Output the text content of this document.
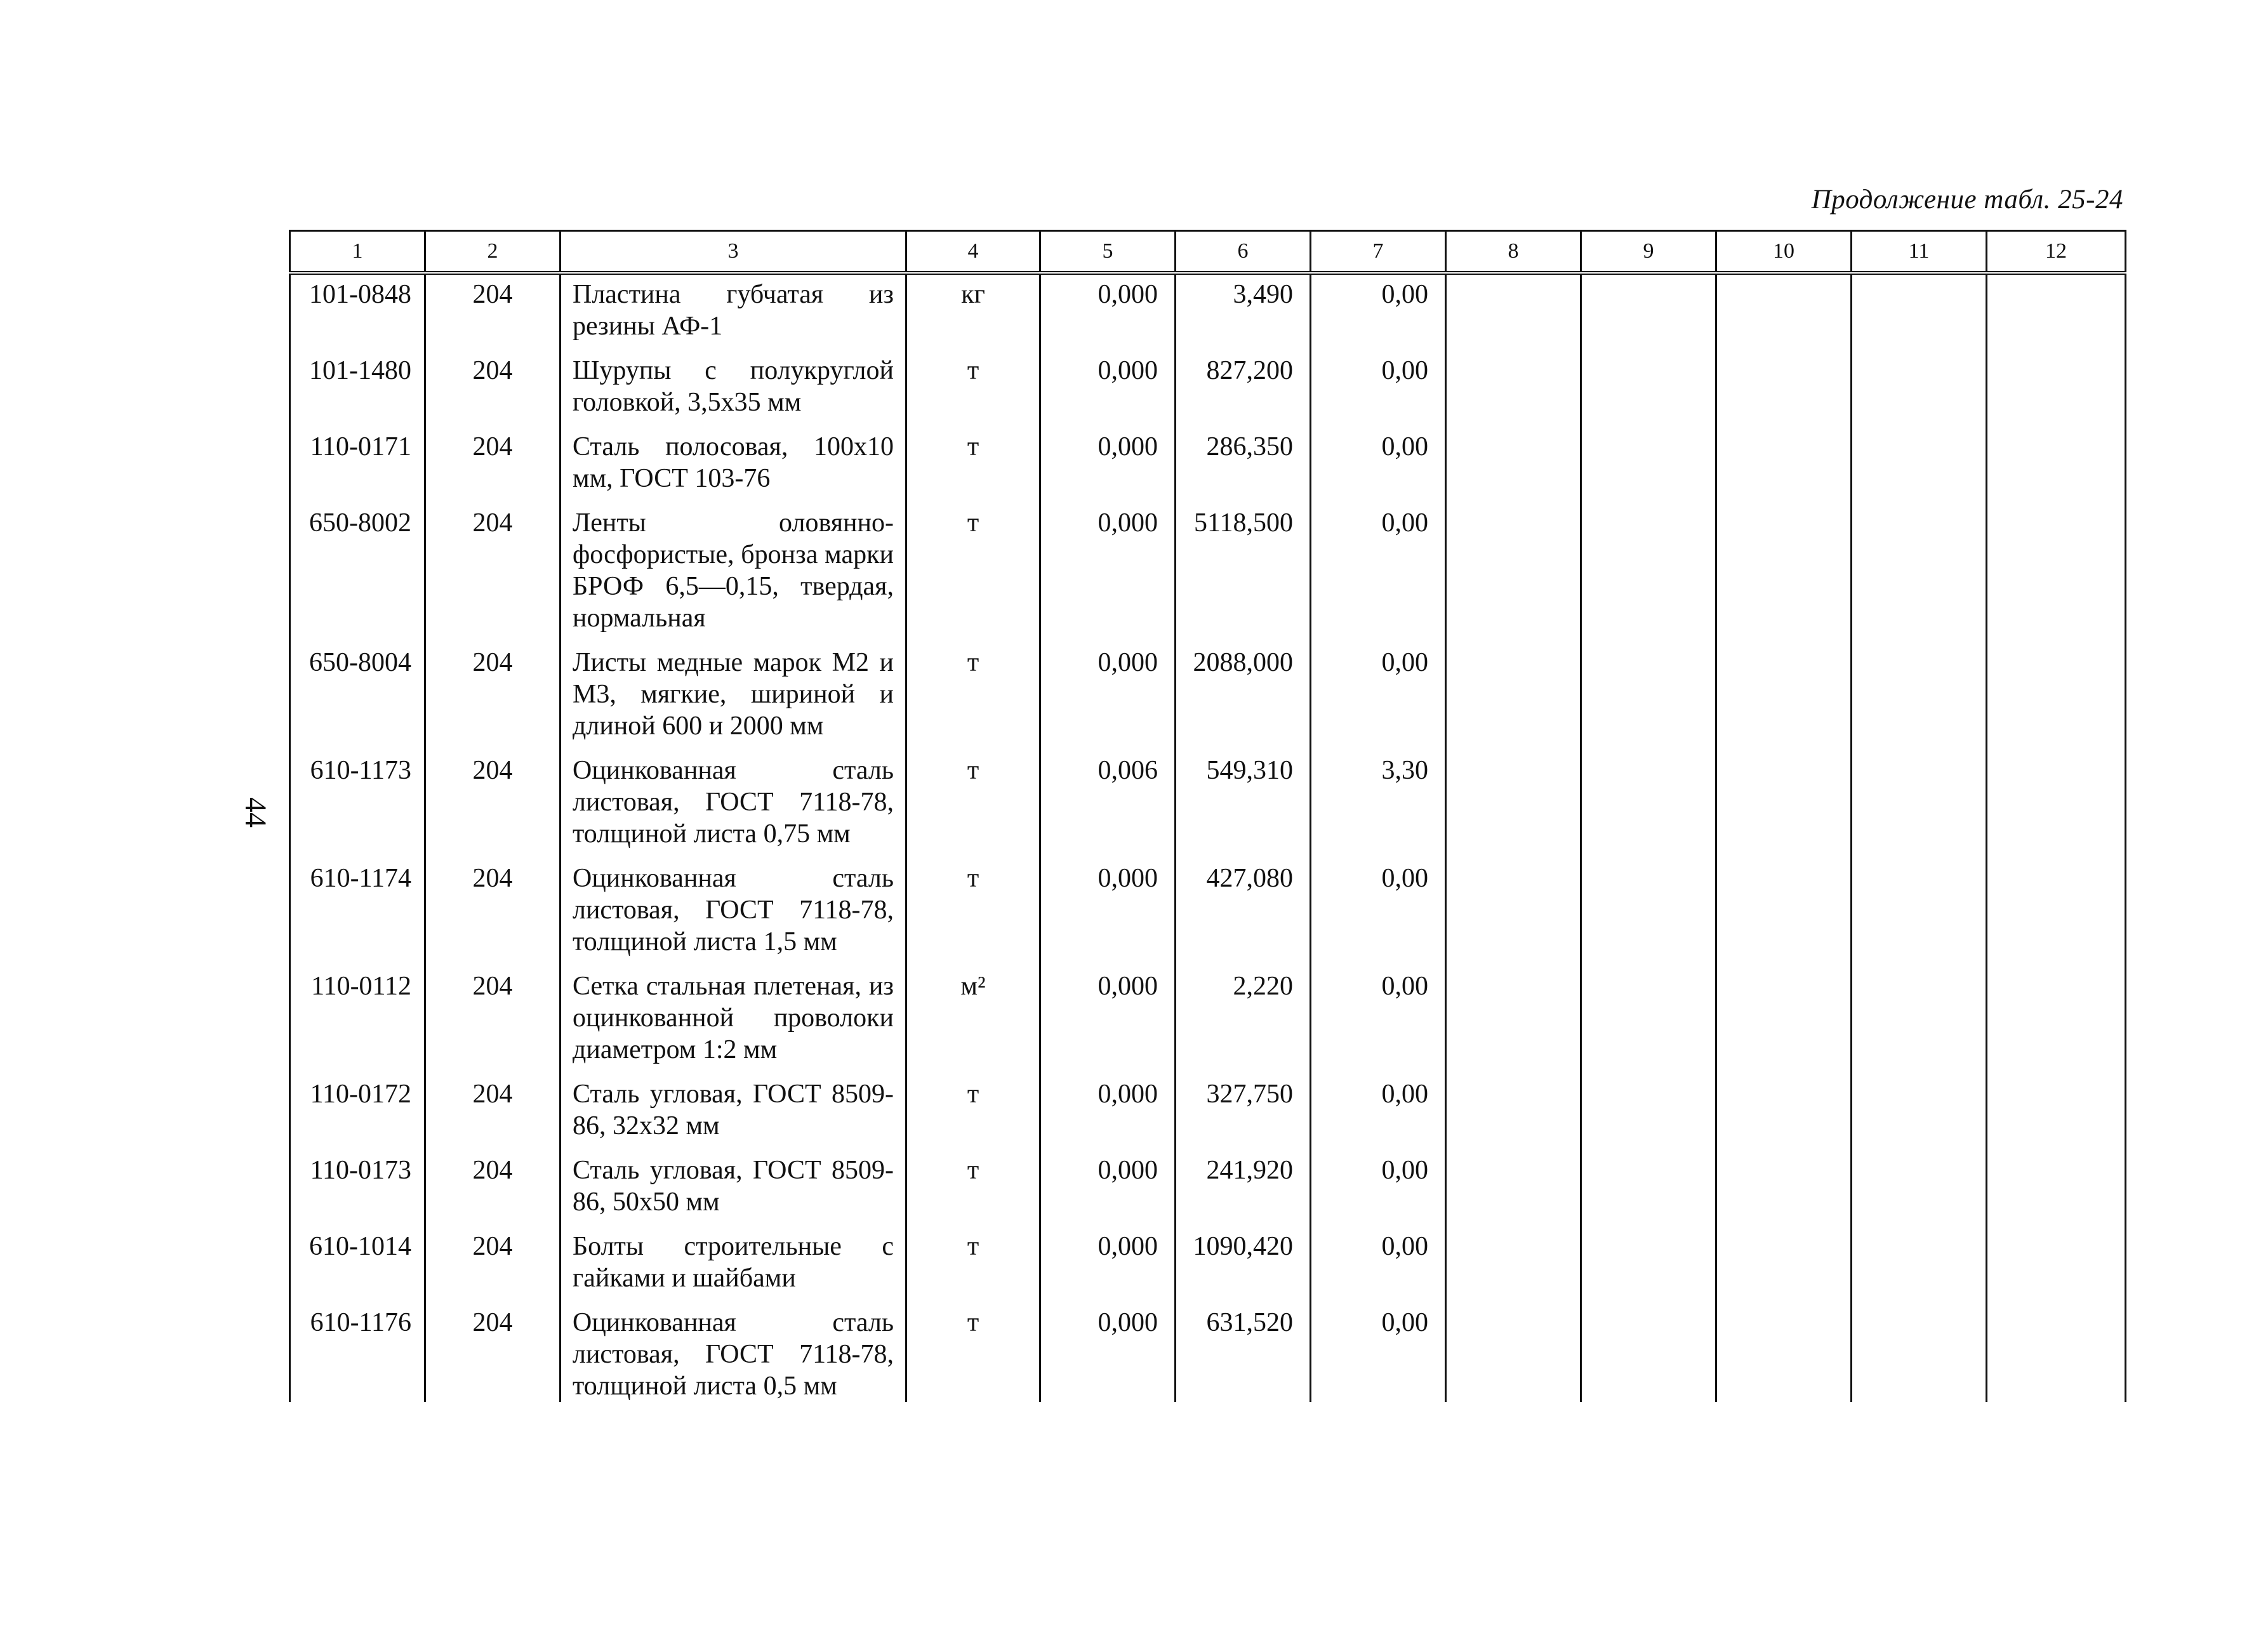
Продолжение табл. 25-24
44
1	2	3	4	5	6	7	8	9	10	11	12
101-0848	204	Пластина губчатая из резины АФ-1	кг	0,000	3,490	0,00					
101-1480	204	Шурупы с полукруглой головкой, 3,5х35 мм	т	0,000	827,200	0,00					
110-0171	204	Сталь полосовая, 100х10 мм, ГОСТ 103-76	т	0,000	286,350	0,00					
650-8002	204	Ленты оловянно-фосфористые, бронза марки БРОФ 6,5—0,15, твердая, нормальная	т	0,000	5118,500	0,00					
650-8004	204	Листы медные марок М2 и М3, мягкие, шириной и длиной 600 и 2000 мм	т	0,000	2088,000	0,00					
610-1173	204	Оцинкованная сталь листовая, ГОСТ 7118-78, толщиной листа 0,75 мм	т	0,006	549,310	3,30					
610-1174	204	Оцинкованная сталь листовая, ГОСТ 7118-78, толщиной листа 1,5 мм	т	0,000	427,080	0,00					
110-0112	204	Сетка стальная плетеная, из оцинкованной проволоки диаметром 1:2 мм	м²	0,000	2,220	0,00					
110-0172	204	Сталь угловая, ГОСТ 8509-86, 32х32 мм	т	0,000	327,750	0,00					
110-0173	204	Сталь угловая, ГОСТ 8509-86, 50х50 мм	т	0,000	241,920	0,00					
610-1014	204	Болты строительные с гайками и шайбами	т	0,000	1090,420	0,00					
610-1176	204	Оцинкованная сталь листовая, ГОСТ 7118-78, толщиной листа 0,5 мм	т	0,000	631,520	0,00					
